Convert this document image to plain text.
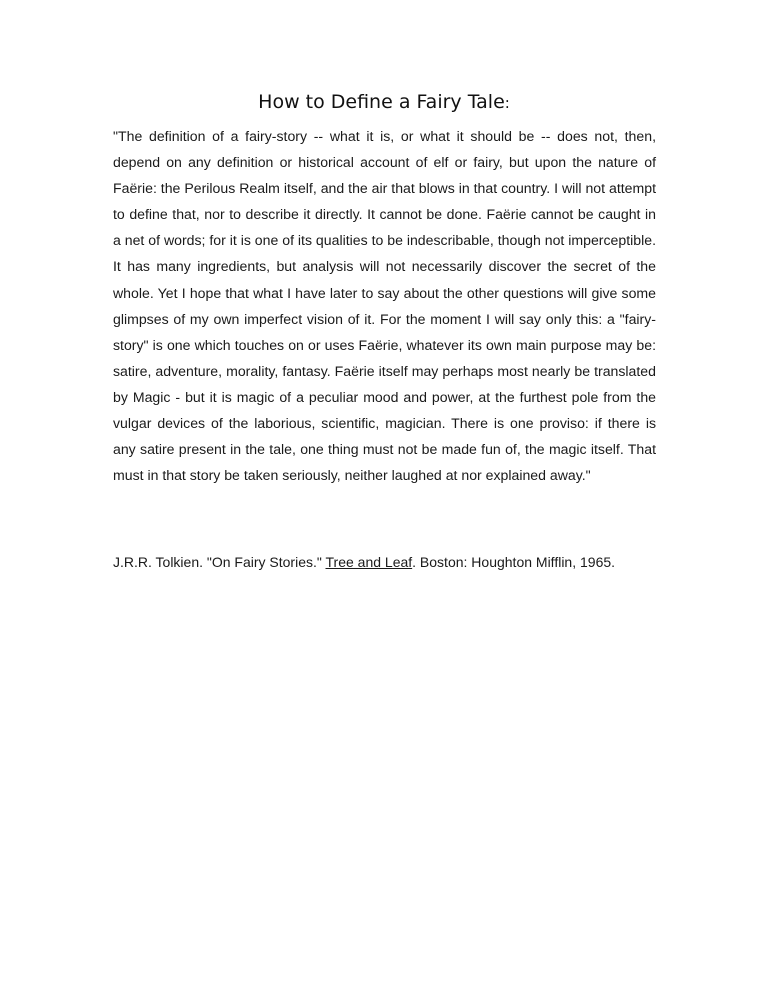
How to Define a Fairy Tale:

"The definition of a fairy-story -- what it is, or what it should be -- does not, then, depend on any definition or historical account of elf or fairy, but upon the nature of Faërie: the Perilous Realm itself, and the air that blows in that country. I will not attempt to define that, nor to describe it directly. It cannot be done. Faërie cannot be caught in a net of words; for it is one of its qualities to be indescribable, though not imperceptible. It has many ingredients, but analysis will not necessarily discover the secret of the whole. Yet I hope that what I have later to say about the other questions will give some glimpses of my own imperfect vision of it. For the moment I will say only this: a "fairy-story" is one which touches on or uses Faërie, whatever its own main purpose may be: satire, adventure, morality, fantasy. Faërie itself may perhaps most nearly be translated by Magic - but it is magic of a peculiar mood and power, at the furthest pole from the vulgar devices of the laborious, scientific, magician. There is one proviso: if there is any satire present in the tale, one thing must not be made fun of, the magic itself. That must in that story be taken seriously, neither laughed at nor explained away."

J.R.R. Tolkien. "On Fairy Stories." Tree and Leaf. Boston: Houghton Mifflin, 1965.
